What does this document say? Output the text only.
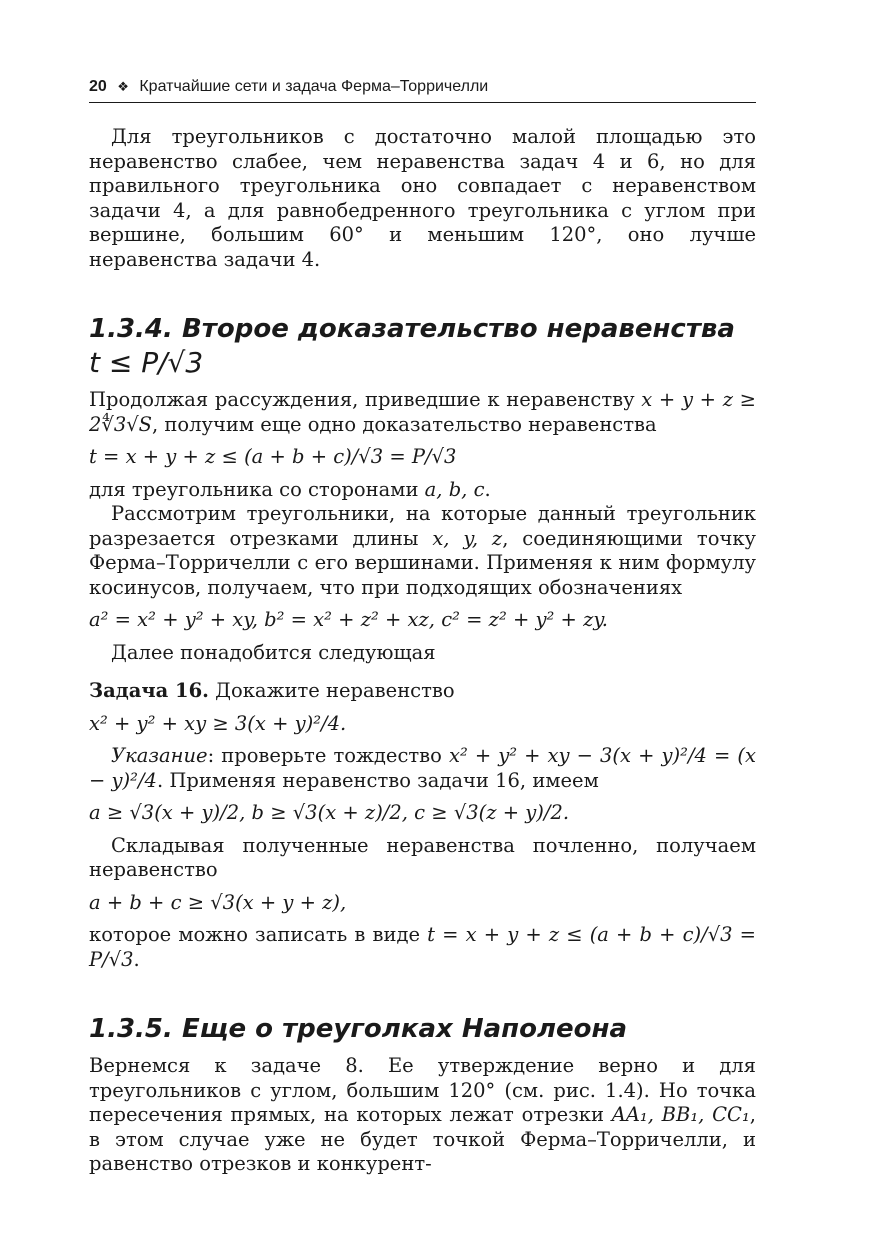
20 ❖ Кратчайшие сети и задача Ферма–Торричелли

Для треугольников с достаточно малой площадью это неравенство слабее, чем неравенства задач 4 и 6, но для правильного треугольника оно совпадает с неравенством задачи 4, а для равнобедренного треугольника с углом при вершине, большим 60° и меньшим 120°, оно лучше неравенства задачи 4.

1.3.4. Второе доказательство неравенства
t ≤ P/√3

Продолжая рассуждения, приведшие к неравенству x + y + z ≥ 2∜3√S, получим еще одно доказательство неравенства

t = x + y + z ≤ (a + b + c)/√3 = P/√3

для треугольника со сторонами a, b, c.

Рассмотрим треугольники, на которые данный треугольник разрезается отрезками длины x, y, z, соединяющими точку Ферма–Торричелли с его вершинами. Применяя к ним формулу косинусов, получаем, что при подходящих обозначениях

a² = x² + y² + xy, b² = x² + z² + xz, c² = z² + y² + zy.

Далее понадобится следующая

Задача 16. Докажите неравенство

x² + y² + xy ≥ 3(x + y)²/4.

Указание: проверьте тождество x² + y² + xy − 3(x + y)²/4 = (x − y)²/4. Применяя неравенство задачи 16, имеем

a ≥ √3(x + y)/2, b ≥ √3(x + z)/2, c ≥ √3(z + y)/2.

Складывая полученные неравенства почленно, получаем неравенство

a + b + c ≥ √3(x + y + z),

которое можно записать в виде t = x + y + z ≤ (a + b + c)/√3 = P/√3.

1.3.5. Еще о треуголках Наполеона

Вернемся к задаче 8. Ее утверждение верно и для треугольников с углом, большим 120° (см. рис. 1.4). Но точка пересечения прямых, на которых лежат отрезки AA₁, BB₁, CC₁, в этом случае уже не будет точкой Ферма–Торричелли, и равенство отрезков и конкурент-
